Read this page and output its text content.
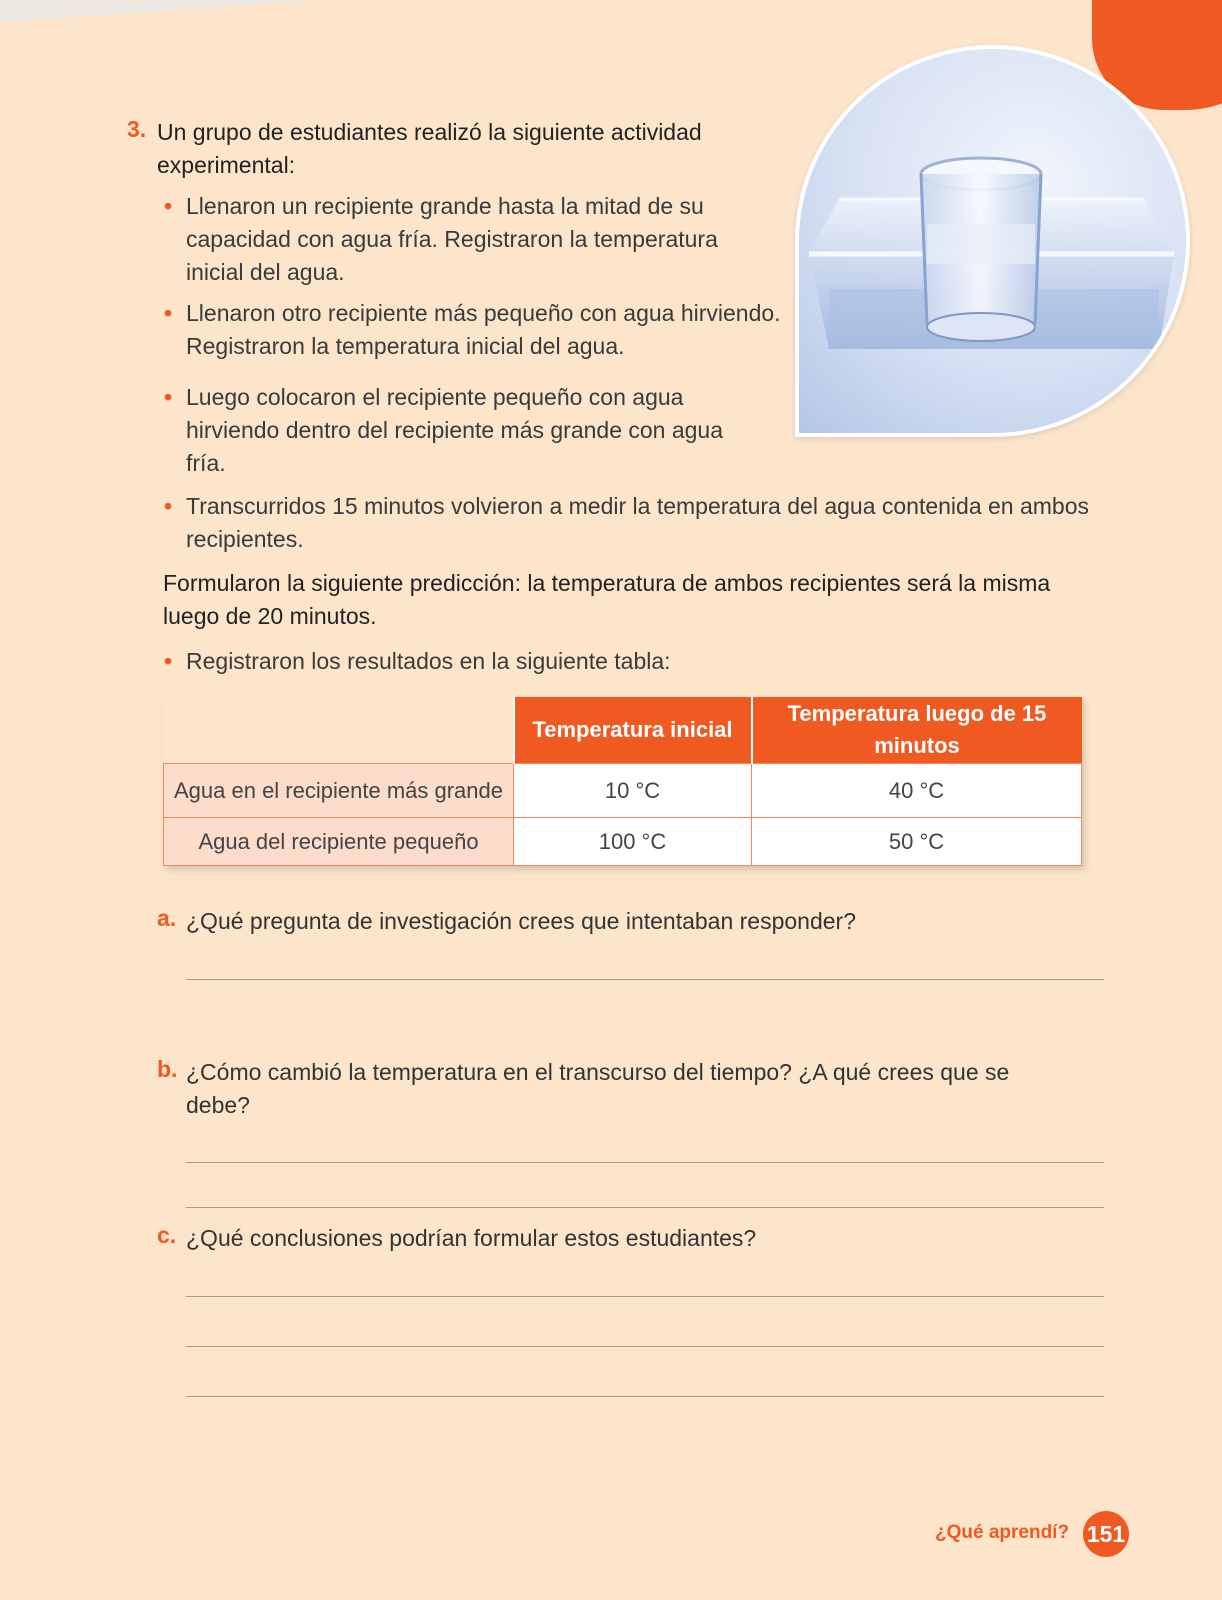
3. Un grupo de estudiantes realizó la siguiente actividad experimental:
• Llenaron un recipiente grande hasta la mitad de su capacidad con agua fría. Registraron la temperatura inicial del agua.
• Llenaron otro recipiente más pequeño con agua hirviendo. Registraron la temperatura inicial del agua.
• Luego colocaron el recipiente pequeño con agua hirviendo dentro del recipiente más grande con agua fría.
• Transcurridos 15 minutos volvieron a medir la temperatura del agua contenida en ambos recipientes.
Formularon la siguiente predicción: la temperatura de ambos recipientes será la misma luego de 20 minutos.
• Registraron los resultados en la siguiente tabla:
	Temperatura inicial	Temperatura luego de 15 minutos
Agua en el recipiente más grande	10 °C	40 °C
Agua del recipiente pequeño	100 °C	50 °C
a. ¿Qué pregunta de investigación crees que intentaban responder?
b. ¿Cómo cambió la temperatura en el transcurso del tiempo? ¿A qué crees que se debe?
c. ¿Qué conclusiones podrían formular estos estudiantes?
¿Qué aprendí? 151
